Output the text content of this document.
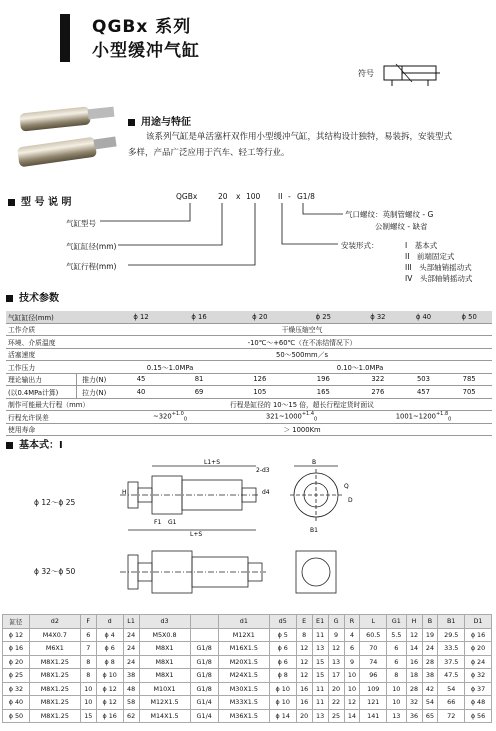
QGBx 系列
小型缓冲气缸
符号
用途与特征
该系列气缸是单活塞杆双作用小型缓冲气缸，其结构设计独特，易装拆，安装型式
多样，产品广泛应用于汽车、轻工等行业。
型 号 说 明
QGBx	20 x 100 II - G1/8
气缸型号
气缸缸径(mm)
气缸行程(mm)
气口螺纹：英制管螺纹 - G
公制螺纹 - 缺省
安装形式：	I　基本式
II　前端固定式
III　头部轴销摇动式
IV　头部轴销摇动式
技术参数
气缸缸径(mm)		ϕ 12	ϕ 16	ϕ 20	ϕ 25	ϕ 32	ϕ 40	ϕ 50
工作介质		干燥压缩空气						
环境、介质温度		-10℃～+60℃（在不冻结情况下）						
活塞速度		50～500mm／s						
工作压力		0.15～1.0MPa		0.10～1.0MPa				
理论输出力	推力(N)	45	81	126	196	322	503	785
(以0.4MPa计算)	拉力(N)	40	69	105	165	276	457	705
制作可能最大行程（mm）		行程是缸径的 10～15 倍，超长行程定货时面议						
行程允许误差		$\sim 320^{+1.0}_0$		$321\sim 1000^{+1.4}_0$		$1001\sim 1200^{+1.8}_0$
使用寿命		＞ 1000Km						
基本式：I
ϕ 12～ϕ 25
ϕ 32～ϕ 50
L1+S
2-d3
d4
H
F1 G1
L+S
B
Q
D
B1
缸径	d2	F	d	L1	d3		d1	d5	E	E1	G	R	L	G1	H	B	B1	D1
ϕ 12	M4X0.7	6	ϕ 4	24	M5X0.8		M12X1	ϕ 5	8	11	9	4	60.5	5.5	12	19	29.5	ϕ 16
ϕ 16	M6X1	7	ϕ 6	24	M8X1	G1/8	M16X1.5	ϕ 6	12	13	12	6	70	6	14	24	33.5	ϕ 20
ϕ 20	M8X1.25	8	ϕ 8	24	M8X1	G1/8	M20X1.5	ϕ 6	12	15	13	9	74	6	16	28	37.5	ϕ 24
ϕ 25	M8X1.25	8	ϕ 10	38	M8X1	G1/8	M24X1.5	ϕ 8	12	15	17	10	96	8	18	38	47.5	ϕ 32
ϕ 32	M8X1.25	10	ϕ 12	48	M10X1	G1/8	M30X1.5	ϕ 10	16	11	20	10	109	10	28	42	54	ϕ 37
ϕ 40	M8X1.25	10	ϕ 12	58	M12X1.5	G1/4	M33X1.5	ϕ 10	16	11	22	12	121	10	32	54	66	ϕ 48
ϕ 50	M8X1.25	15	ϕ 16	62	M14X1.5	G1/4	M36X1.5	ϕ 14	20	13	25	14	141	13	36	65	72	ϕ 56
